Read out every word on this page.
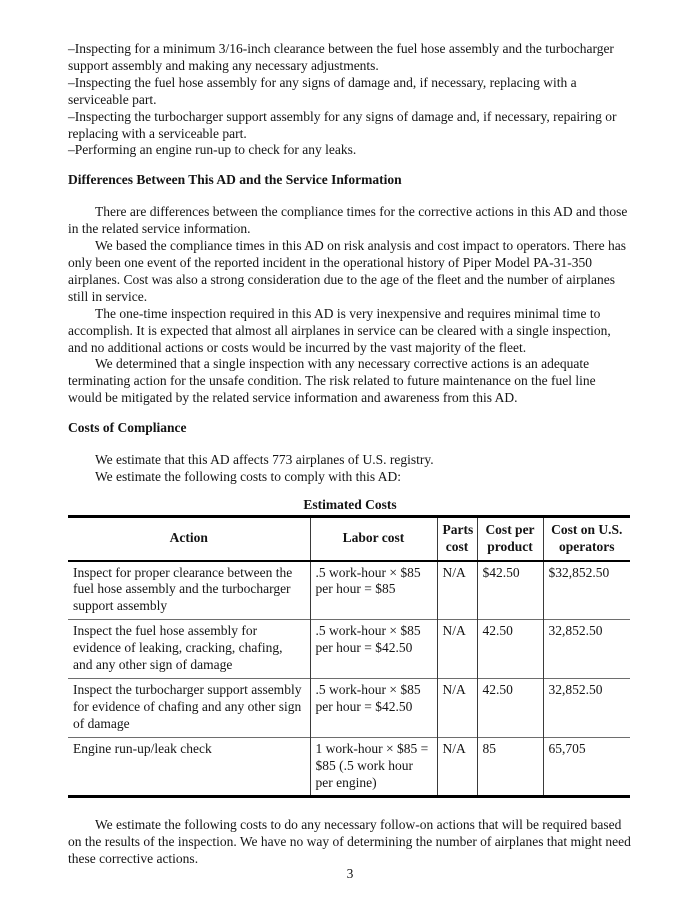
–Inspecting for a minimum 3/16-inch clearance between the fuel hose assembly and the turbocharger support assembly and making any necessary adjustments.
–Inspecting the fuel hose assembly for any signs of damage and, if necessary, replacing with a serviceable part.
–Inspecting the turbocharger support assembly for any signs of damage and, if necessary, repairing or replacing with a serviceable part.
–Performing an engine run-up to check for any leaks.
Differences Between This AD and the Service Information
There are differences between the compliance times for the corrective actions in this AD and those in the related service information.
We based the compliance times in this AD on risk analysis and cost impact to operators. There has only been one event of the reported incident in the operational history of Piper Model PA-31-350 airplanes. Cost was also a strong consideration due to the age of the fleet and the number of airplanes still in service.
The one-time inspection required in this AD is very inexpensive and requires minimal time to accomplish. It is expected that almost all airplanes in service can be cleared with a single inspection, and no additional actions or costs would be incurred by the vast majority of the fleet.
We determined that a single inspection with any necessary corrective actions is an adequate terminating action for the unsafe condition. The risk related to future maintenance on the fuel line would be mitigated by the related service information and awareness from this AD.
Costs of Compliance
We estimate that this AD affects 773 airplanes of U.S. registry.
We estimate the following costs to comply with this AD:
Estimated Costs
Action	Labor cost	Parts cost	Cost per product	Cost on U.S. operators
Inspect for proper clearance between the fuel hose assembly and the turbocharger support assembly	.5 work-hour × $85 per hour = $85	N/A	$42.50	$32,852.50
Inspect the fuel hose assembly for evidence of leaking, cracking, chafing, and any other sign of damage	.5 work-hour × $85 per hour = $42.50	N/A	42.50	32,852.50
Inspect the turbocharger support assembly for evidence of chafing and any other sign of damage	.5 work-hour × $85 per hour = $42.50	N/A	42.50	32,852.50
Engine run-up/leak check	1 work-hour × $85 = $85 (.5 work hour per engine)	N/A	85	65,705
We estimate the following costs to do any necessary follow-on actions that will be required based on the results of the inspection. We have no way of determining the number of airplanes that might need these corrective actions.
3
